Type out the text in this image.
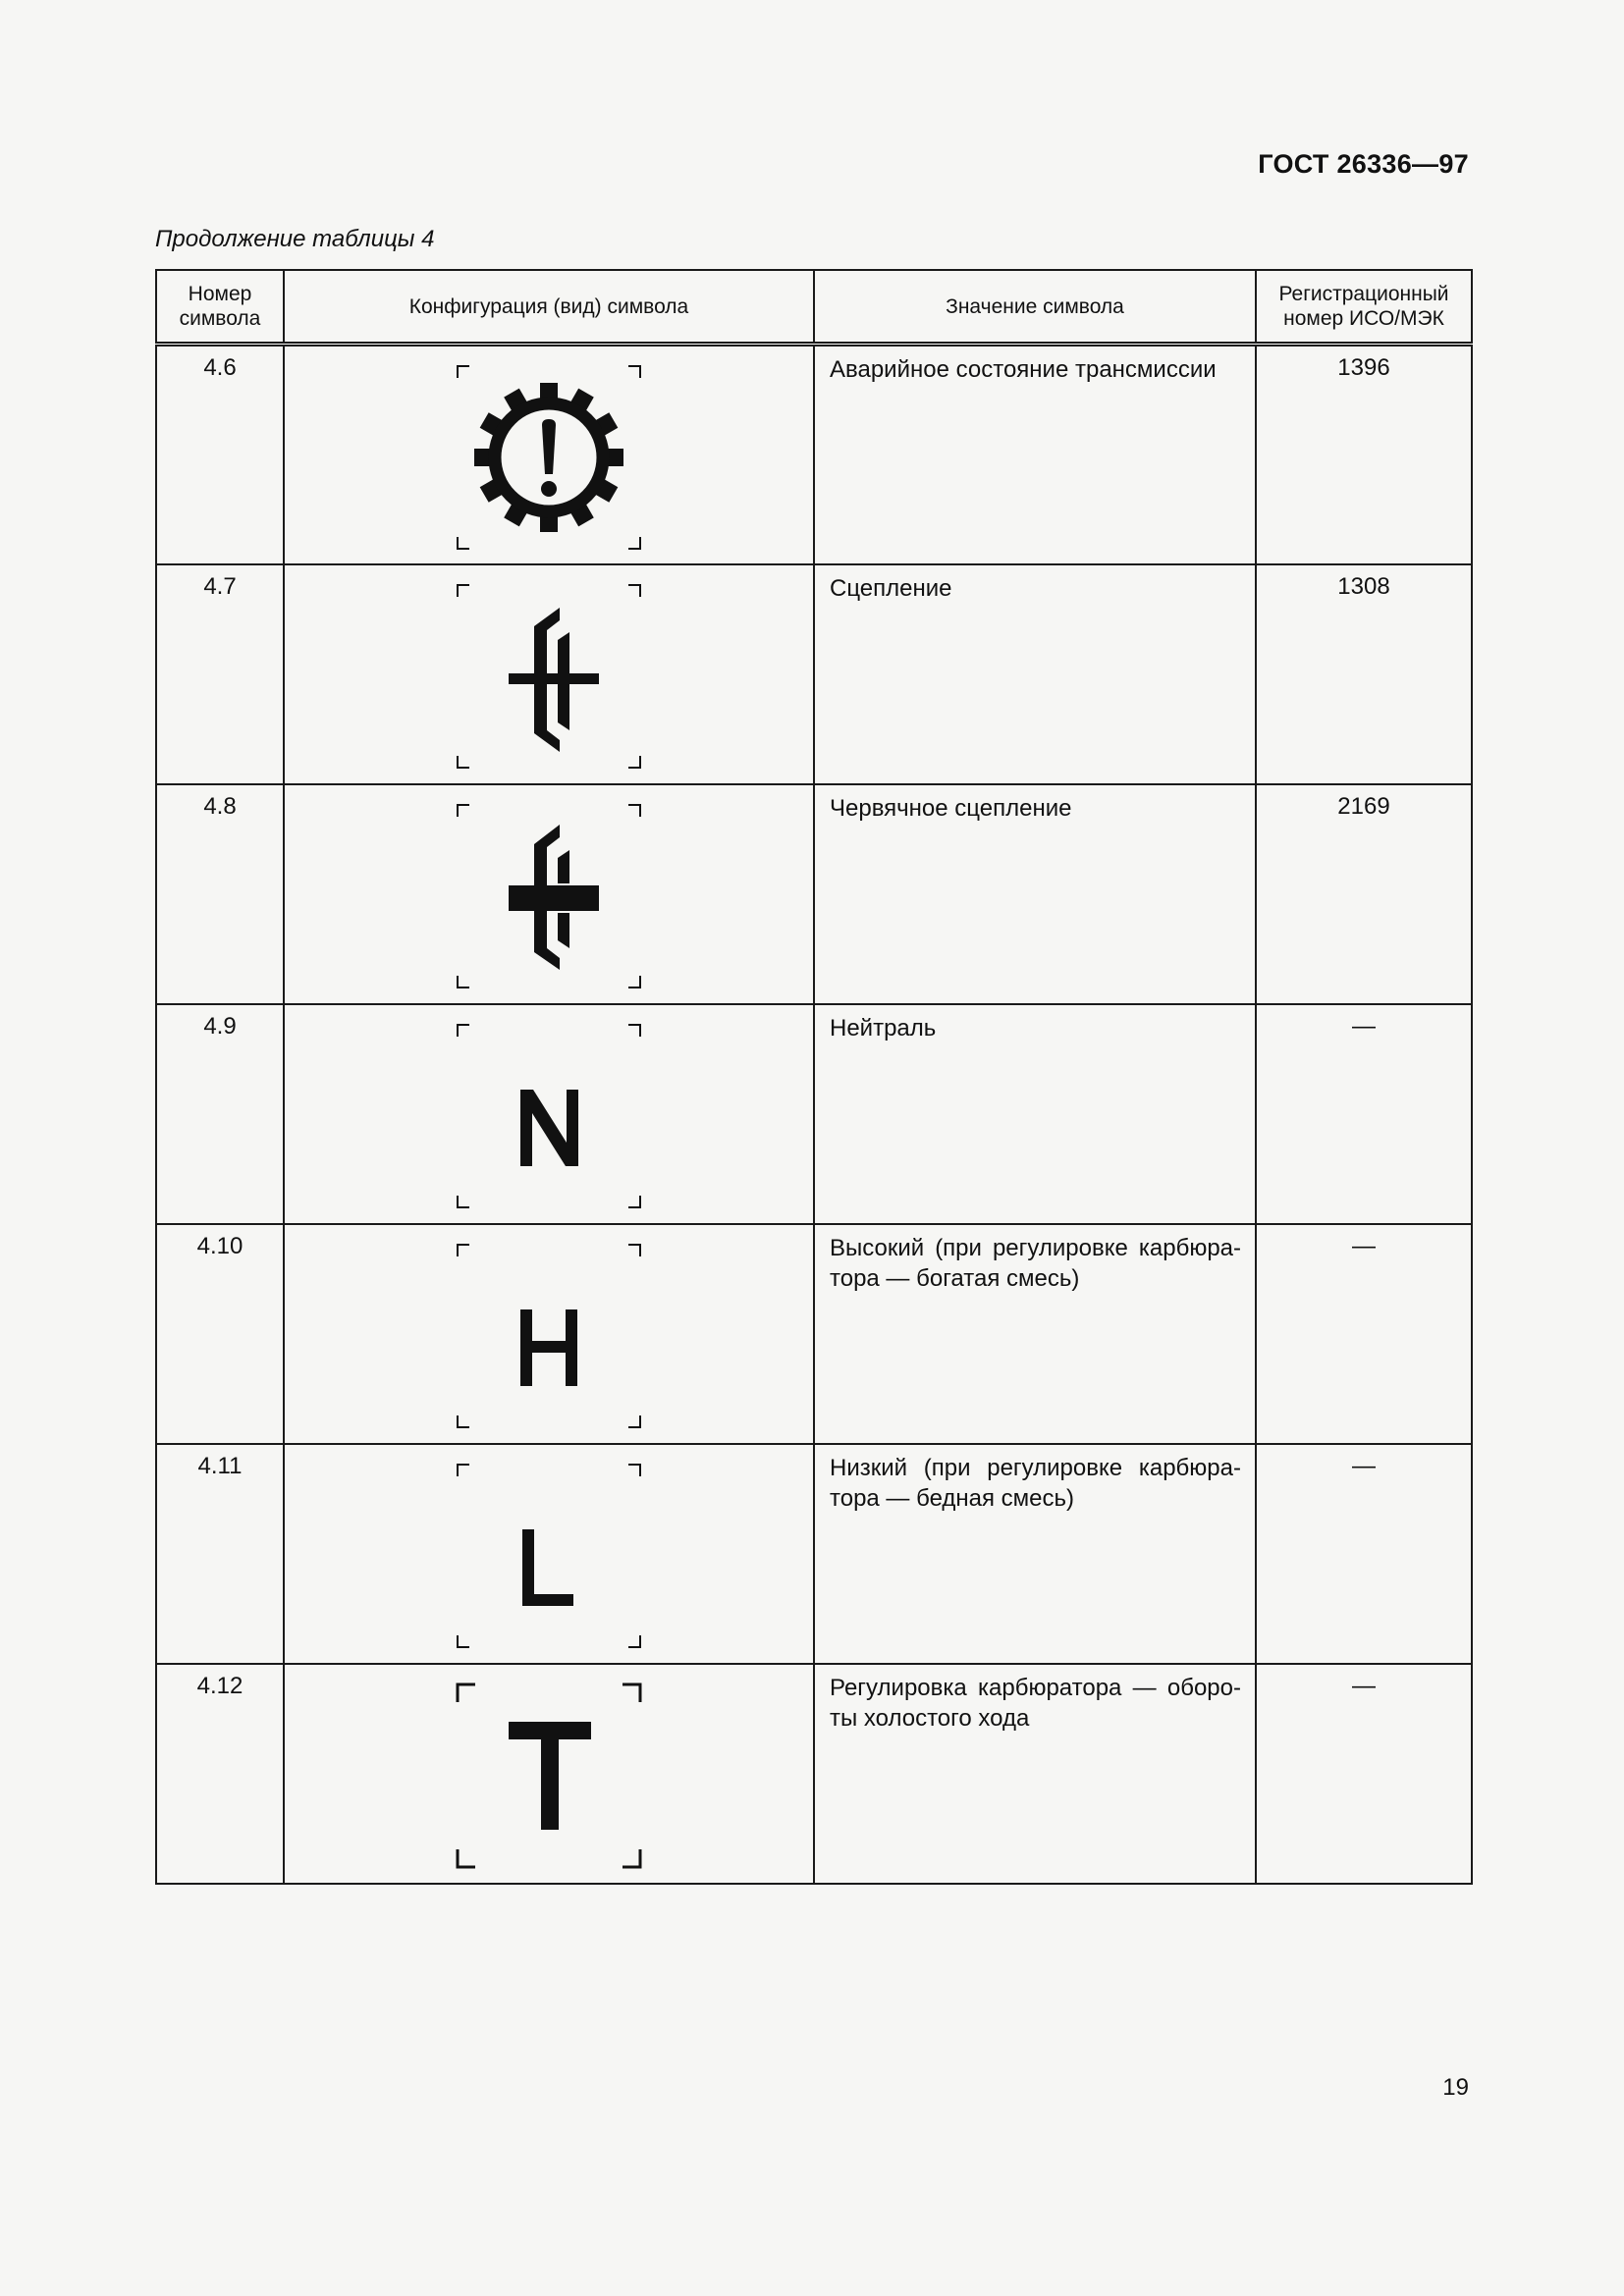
ГОСТ 26336—97
Продолжение таблицы 4
Номер символа	Конфигурация (вид) символа	Значение символа	Регистрационный номер ИСО/МЭК

4.6		Аварийное состояние трансмиссии	1396

4.7		Сцепление	1308

4.8		Червячное сцепление	2169

4.9		Нейтраль	—

4.10		Высокий (при регулировке карбюра-тора — богатая смесь)	—

4.11		Низкий (при регулировке карбюра-тора — бедная смесь)	—

4.12		Регулировка карбюратора — оборо-ты холостого хода	—
19
